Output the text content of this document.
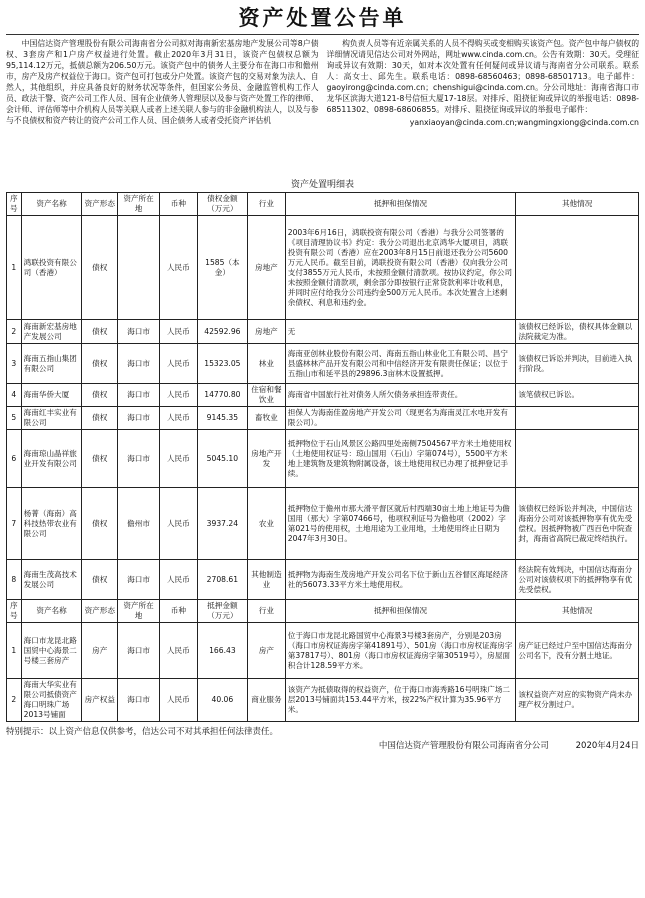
资产处置公告单

中国信达资产管理股份有限公司海南省分公司拟对海南新宏基房地产发展公司等8户债权、3套房产和1户房产权益进行处置。截止2020年3月31日，该资产包债权总额为95,114.12万元，抵债总额为206.50万元。该资产包中的债务人主要分布在海口市和儋州市，房产及房产权益位于海口。资产包可打包或分户处置。该资产包的交易对象为法人、自然人，其他组织，并应具备良好的财务状况等条件，但国家公务员、金融监管机构工作人员、政法干警、资产公司工作人员、国有企业债务人管理层以及参与资产处置工作的律师、会计师、评估师等中介机构人员等关联人或者上述关联人参与的非金融机构法人，以及与参与不良债权和资产转让的资产公司工作人员、国企债务人或者受托资产评估机

构负责人员等有近亲属关系的人员不得购买或变相购买该资产包。资产包中每户债权的详细情况请见信达公司对外网站，网址www.cinda.com.cn。公告有效期：30天。受理征询或异议有效期：30天，如对本次处置有任何疑问或异议请与海南省分公司联系。联系人：高女士、邱先生。联系电话：0898-68560463；0898-68501713。电子邮件：gaoyirong@cinda.com.cn；chenshigui@cinda.com.cn。分公司地址：海南省海口市龙华区滨海大道121-8号信恒大厦17-18层。对排斥、阻挠征询或异议的举报电话：0898-68511302、0898-68606855。对排斥、阻挠征询或异议的举报电子邮件：

yanxiaoyan@cinda.com.cn;wangmingxiong@cinda.com.cn
资产处置明细表
序号	资产名称	资产形态	资产所在地	币种	债权金额（万元）	行业	抵押和担保情况	其他情况
1	鸿联投资有限公司（香港）	债权		人民币	1585（本金）	房地产	2003年6月16日，鸿联投资有限公司（香港）与我分公司签署的《项目清理协议书》约定：我分公司退出北京鸿华大厦项目，鸿联投资有限公司（香港）应在2003年8月15日前退还我分公司5600万元人民币。截至目前，鸿联投资有限公司（香港）仅向我分公司支付3855万元人民币，未按照金额付清款项。按协议约定，你公司未按照金额付清款项，剩余部分即按银行正常贷款利率计收利息，并同时应付给我分公司违约金500万元人民币。本次处置含上述剩余债权、利息和违约金。	
2	海南新宏基房地产发展公司	债权	海口市	人民币	42592.96	房地产	无	该债权已经诉讼，债权具体金额以法院裁定为准。
3	海南五指山集团有限公司	债权	海口市	人民币	15323.05	林业	海南亚创林业股份有限公司、海南五指山林业化工有限公司、昌宁县盛林林产品开发有限公司和中信经济开发有限责任保证；以位于五指山市和延平县的29896.3亩林木设置抵押。	该债权已诉讼并判决，目前进入执行阶段。
4	海南华侨大厦	债权	海口市	人民币	14770.80	住宿和餐饮业	海南省中国旅行社对债务人所欠债务承担连带责任。	该笔债权已诉讼。
5	海南红丰实业有限公司	债权	海口市	人民币	9145.35	畜牧业	担保人为海南佳盈房地产开发公司（现更名为海南灵江水电开发有限公司）。	
6	海南琼山晶祥旅业开发有限公司	债权	海口市	人民币	5045.10	房地产开发	抵押物位于石山风景区公路四里处南侧7504567平方米土地使用权（土地使用权证号：琼山国用（石山）字第074号），5500平方米地上建筑物及建筑物附属设备，该土地使用权已办理了抵押登记手续。	
7	杨菁（海南）高科技热带农业有限公司	债权	儋州市	人民币	3937.24	农业	抵押物位于儋州市那大滑平督区就后村西端30亩土地上地证号为儋国用（那大）字第07466号，他项权利证号为儋他项（2002）字第021号的使用权，土地用途为工业用地，土地使用终止日期为2047年3月30日。	该债权已经诉讼并判决，中国信达海南分公司对该抵押物享有优先受偿权。因抵押物被广西百色中院查封，海南省高院已裁定终结执行。
8	海南生茂高技术发展公司	债权	海口市	人民币	2708.61	其他制造业	抵押物为海南生茂房地产开发公司名下位于新山五谷督区海尾经济社的56073.33平方米土地使用权。	经法院有效判决，中国信达海南分公司对该债权项下的抵押物享有优先受偿权。
序号	资产名称	资产形态	资产所在地	币种	抵押金额（万元）	行业	抵押和担保情况	其他情况
1	海口市龙昆北路国贸中心海景二号楼三套房产	房产	海口市	人民币	166.43	房产	位于海口市龙昆北路国贸中心海景3号楼3套房产，分别是203房（海口市房权证海房字第41891号）、501房（海口市房权证海房字第37817号）、801房（海口市房权证海房字第30519号），房屋面积合计128.59平方米。	房产证已经过户至中国信达海南分公司名下，没有分割土地证。
2	海南大华实业有限公司抵债资产海口明珠广场2013号铺面	房产权益	海口市	人民币	40.06	商业服务	该资产为抵债取得的权益资产，位于海口市海秀路16号明珠广场二层2013号铺面共153.44平方米，按22%产权计算为35.96平方米。	该权益资产对应的实物资产尚未办理产权分割过户。
特别提示：以上资产信息仅供参考，信达公司不对其承担任何法律责任。
中国信达资产管理股份有限公司海南省分公司	2020年4月24日
